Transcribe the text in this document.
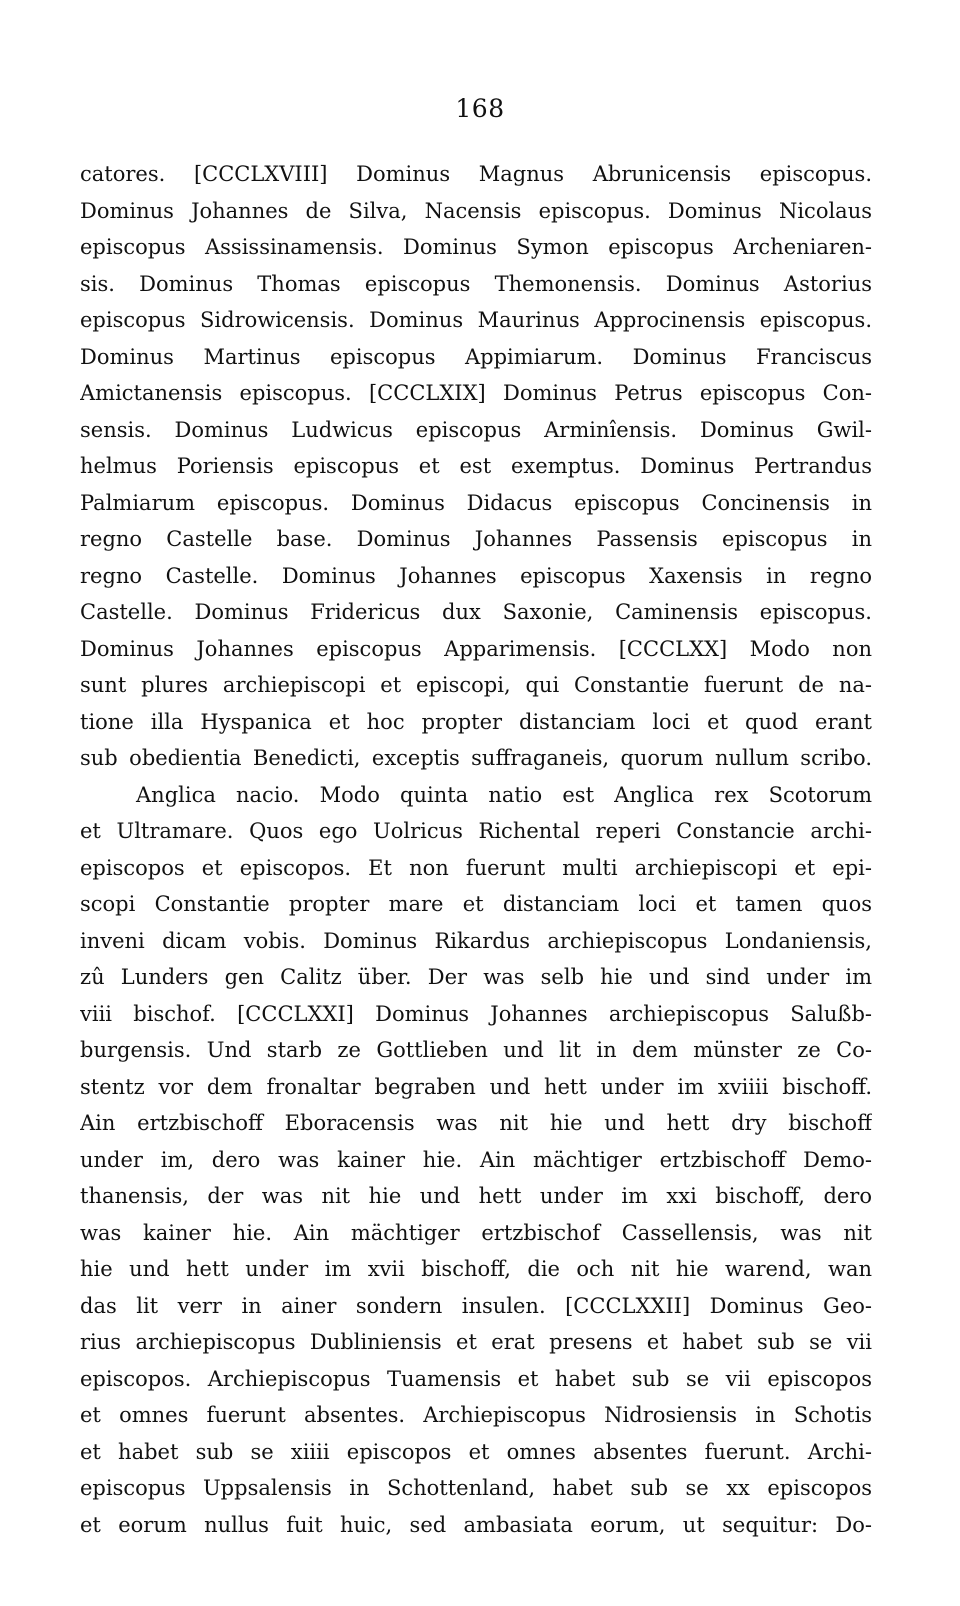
168
catores. [CCCLXVIII] Dominus Magnus Abrunicensis episcopus.
Dominus Johannes de Silva, Nacensis episcopus. Dominus Nicolaus
episcopus Assissinamensis. Dominus Symon episcopus Archeniaren-
sis. Dominus Thomas episcopus Themonensis. Dominus Astorius
episcopus Sidrowicensis. Dominus Maurinus Approcinensis episcopus.
Dominus Martinus episcopus Appimiarum. Dominus Franciscus
Amictanensis episcopus. [CCCLXIX] Dominus Petrus episcopus Con-
sensis. Dominus Ludwicus episcopus Arminîensis. Dominus Gwil-
helmus Poriensis episcopus et est exemptus. Dominus Pertrandus
Palmiarum episcopus. Dominus Didacus episcopus Concinensis in
regno Castelle base. Dominus Johannes Passensis episcopus in
regno Castelle. Dominus Johannes episcopus Xaxensis in regno
Castelle. Dominus Fridericus dux Saxonie, Caminensis episcopus.
Dominus Johannes episcopus Apparimensis. [CCCLXX] Modo non
sunt plures archiepiscopi et episcopi, qui Constantie fuerunt de na-
tione illa Hyspanica et hoc propter distanciam loci et quod erant
sub obedientia Benedicti, exceptis suffraganeis, quorum nullum scribo.
Anglica nacio. Modo quinta natio est Anglica rex Scotorum
et Ultramare. Quos ego Uolricus Richental reperi Constancie archi-
episcopos et episcopos. Et non fuerunt multi archiepiscopi et epi-
scopi Constantie propter mare et distanciam loci et tamen quos
inveni dicam vobis. Dominus Rikardus archiepiscopus Londaniensis,
zû Lunders gen Calitz über. Der was selb hie und sind under im
viii bischof. [CCCLXXI] Dominus Johannes archiepiscopus Salußb-
burgensis. Und starb ze Gottlieben und lit in dem münster ze Co-
stentz vor dem fronaltar begraben und hett under im xviiii bischoff.
Ain ertzbischoff Eboracensis was nit hie und hett dry bischoff
under im, dero was kainer hie. Ain mächtiger ertzbischoff Demo-
thanensis, der was nit hie und hett under im xxi bischoff, dero
was kainer hie. Ain mächtiger ertzbischof Cassellensis, was nit
hie und hett under im xvii bischoff, die och nit hie warend, wan
das lit verr in ainer sondern insulen. [CCCLXXII] Dominus Geo-
rius archiepiscopus Dubliniensis et erat presens et habet sub se vii
episcopos. Archiepiscopus Tuamensis et habet sub se vii episcopos
et omnes fuerunt absentes. Archiepiscopus Nidrosiensis in Schotis
et habet sub se xiiii episcopos et omnes absentes fuerunt. Archi-
episcopus Uppsalensis in Schottenland, habet sub se xx episcopos
et eorum nullus fuit huic, sed ambasiata eorum, ut sequitur: Do-
